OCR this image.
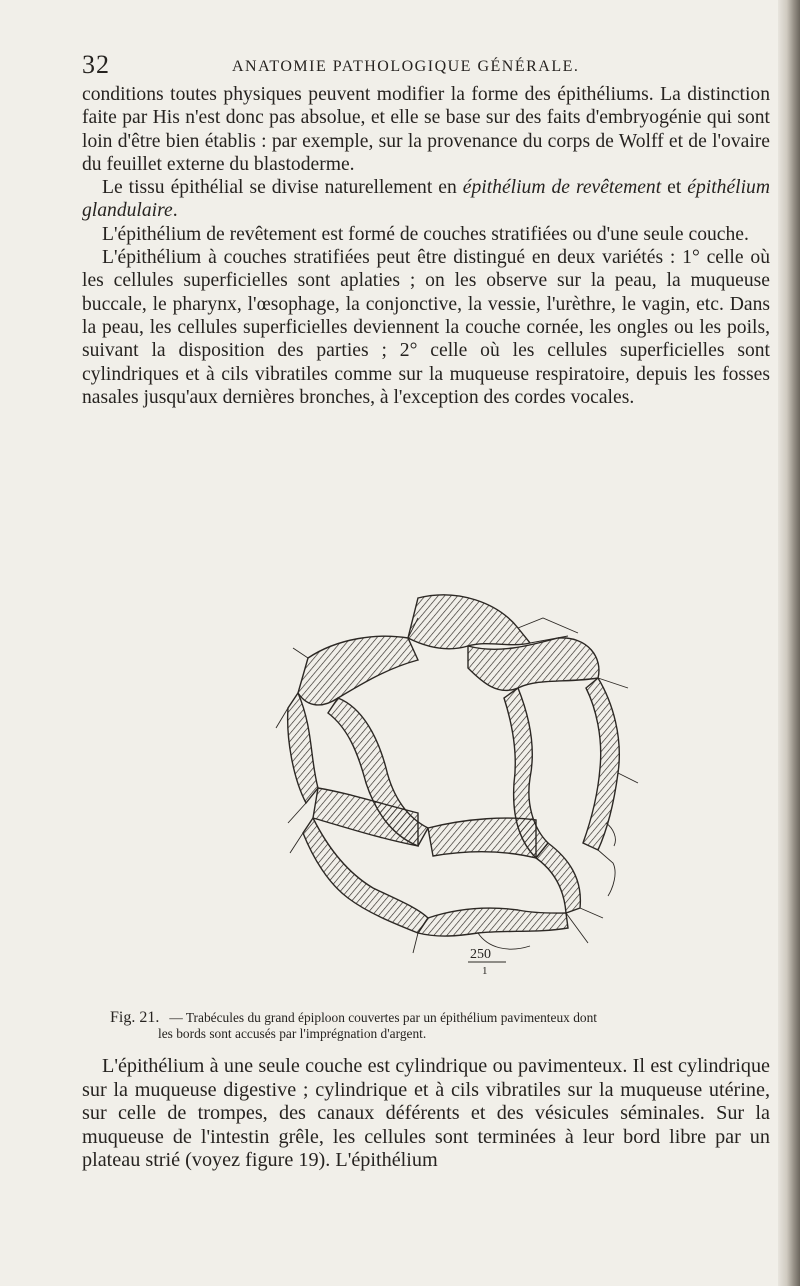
32	ANATOMIE PATHOLOGIQUE GÉNÉRALE.

conditions toutes physiques peuvent modifier la forme des épithéliums. La distinction faite par His n'est donc pas absolue, et elle se base sur des faits d'embryogénie qui sont loin d'être bien établis : par exemple, sur la provenance du corps de Wolff et de l'ovaire du feuillet externe du blastoderme.

Le tissu épithélial se divise naturellement en épithélium de revêtement et épithélium glandulaire.

L'épithélium de revêtement est formé de couches stratifiées ou d'une seule couche.

L'épithélium à couches stratifiées peut être distingué en deux variétés : 1° celle où les cellules superficielles sont aplaties ; on les observe sur la peau, la muqueuse buccale, le pharynx, l'œsophage, la conjonctive, la vessie, l'urèthre, le vagin, etc. Dans la peau, les cellules superficielles deviennent la couche cornée, les ongles ou les poils, suivant la disposition des parties ; 2° celle où les cellules superficielles sont cylindriques et à cils vibratiles comme sur la muqueuse respiratoire, depuis les fosses nasales jusqu'aux dernières bronches, à l'exception des cordes vocales.

250
1
Fig. 21. — Trabécules du grand épiploon couvertes par un épithélium pavimenteux dont
les bords sont accusés par l'imprégnation d'argent.

L'épithélium à une seule couche est cylindrique ou pavimenteux. Il est cylindrique sur la muqueuse digestive ; cylindrique et à cils vibratiles sur la muqueuse utérine, sur celle de trompes, des canaux déférents et des vésicules séminales. Sur la muqueuse de l'intestin grêle, les cellules sont terminées à leur bord libre par un plateau strié (voyez figure 19). L'épithélium
